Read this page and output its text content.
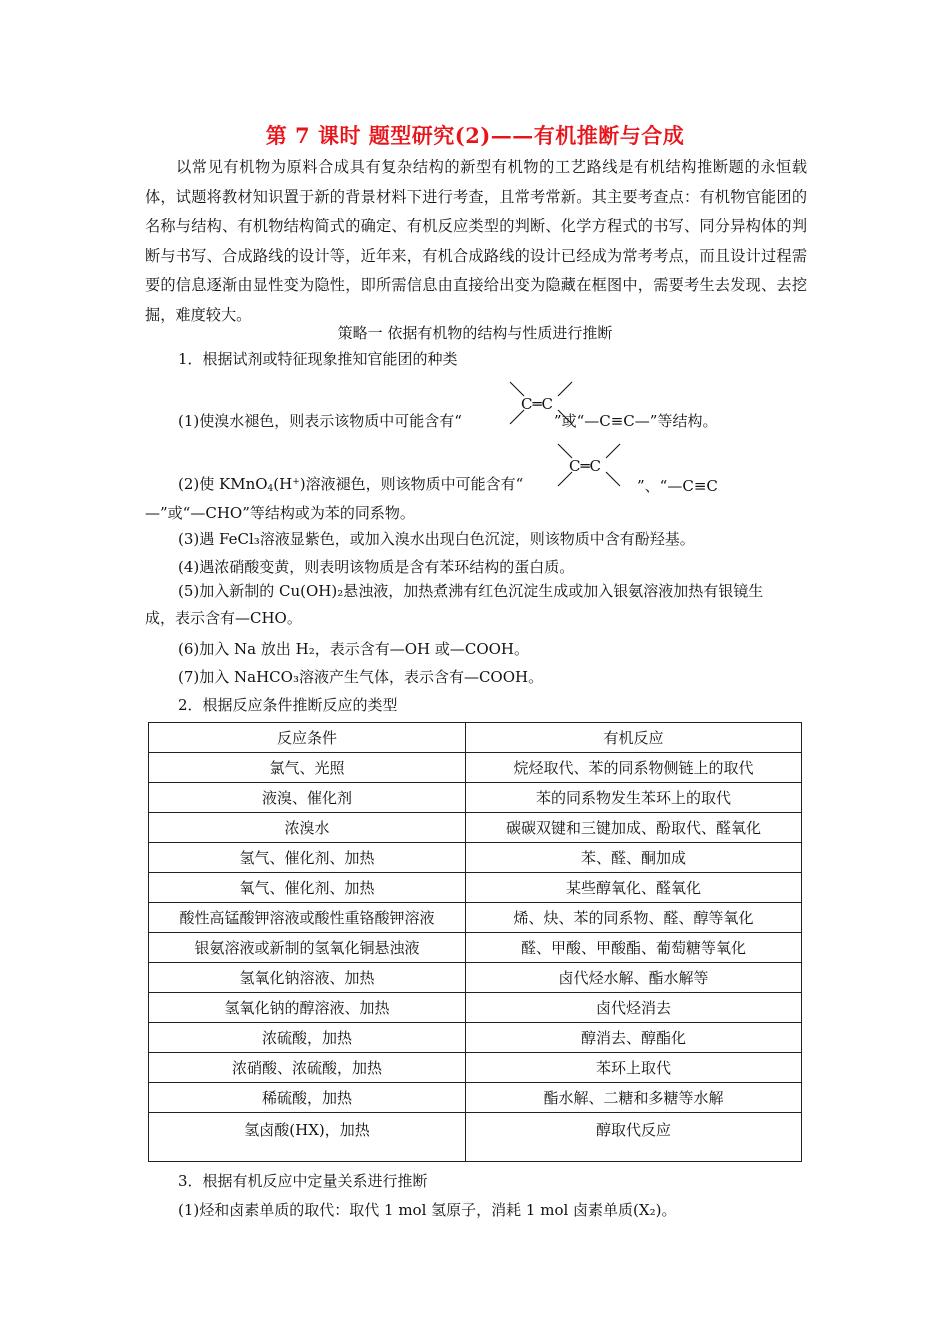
第 7 课时 题型研究(2)——有机推断与合成
以常见有机物为原料合成具有复杂结构的新型有机物的工艺路线是有机结构推断题的永恒载体，试题将教材知识置于新的背景材料下进行考查，且常考常新。其主要考查点：有机物官能团的名称与结构、有机物结构简式的确定、有机反应类型的判断、化学方程式的书写、同分异构体的判断与书写、合成路线的设计等，近年来，有机合成路线的设计已经成为常考考点，而且设计过程需要的信息逐渐由显性变为隐性，即所需信息由直接给出变为隐藏在框图中，需要考生去发现、去挖掘，难度较大。
策略一 依据有机物的结构与性质进行推断
1．根据试剂或特征现象推知官能团的种类
(1)使溴水褪色，则表示该物质中可能含有“	”或“—C≡C—”等结构。
C═C
(2)使 KMnO$_4$(H+)溶液褪色，则该物质中可能含有“
C═C
”、“—C≡C—”或“—CHO”等结构或为苯的同系物。
(3)遇 FeCl₃溶液显紫色，或加入溴水出现白色沉淀，则该物质中含有酚羟基。
(4)遇浓硝酸变黄，则表明该物质是含有苯环结构的蛋白质。
(5)加入新制的 Cu(OH)₂悬浊液，加热煮沸有红色沉淀生成或加入银氨溶液加热有银镜生成，表示含有—CHO。
(6)加入 Na 放出 H₂，表示含有—OH 或—COOH。
(7)加入 NaHCO₃溶液产生气体，表示含有—COOH。
2．根据反应条件推断反应的类型
反应条件	有机反应
氯气、光照	烷烃取代、苯的同系物侧链上的取代
液溴、催化剂	苯的同系物发生苯环上的取代
浓溴水	碳碳双键和三键加成、酚取代、醛氧化
氢气、催化剂、加热	苯、醛、酮加成
氧气、催化剂、加热	某些醇氧化、醛氧化
酸性高锰酸钾溶液或酸性重铬酸钾溶液	烯、炔、苯的同系物、醛、醇等氧化
银氨溶液或新制的氢氧化铜悬浊液	醛、甲酸、甲酸酯、葡萄糖等氧化
氢氧化钠溶液、加热	卤代烃水解、酯水解等
氢氧化钠的醇溶液、加热	卤代烃消去
浓硫酸，加热	醇消去、醇酯化
浓硝酸、浓硫酸，加热	苯环上取代
稀硫酸，加热	酯水解、二糖和多糖等水解
氢卤酸(HX)，加热	醇取代反应
3．根据有机反应中定量关系进行推断
(1)烃和卤素单质的取代：取代 1 mol 氢原子，消耗 1 mol 卤素单质(X₂)。
